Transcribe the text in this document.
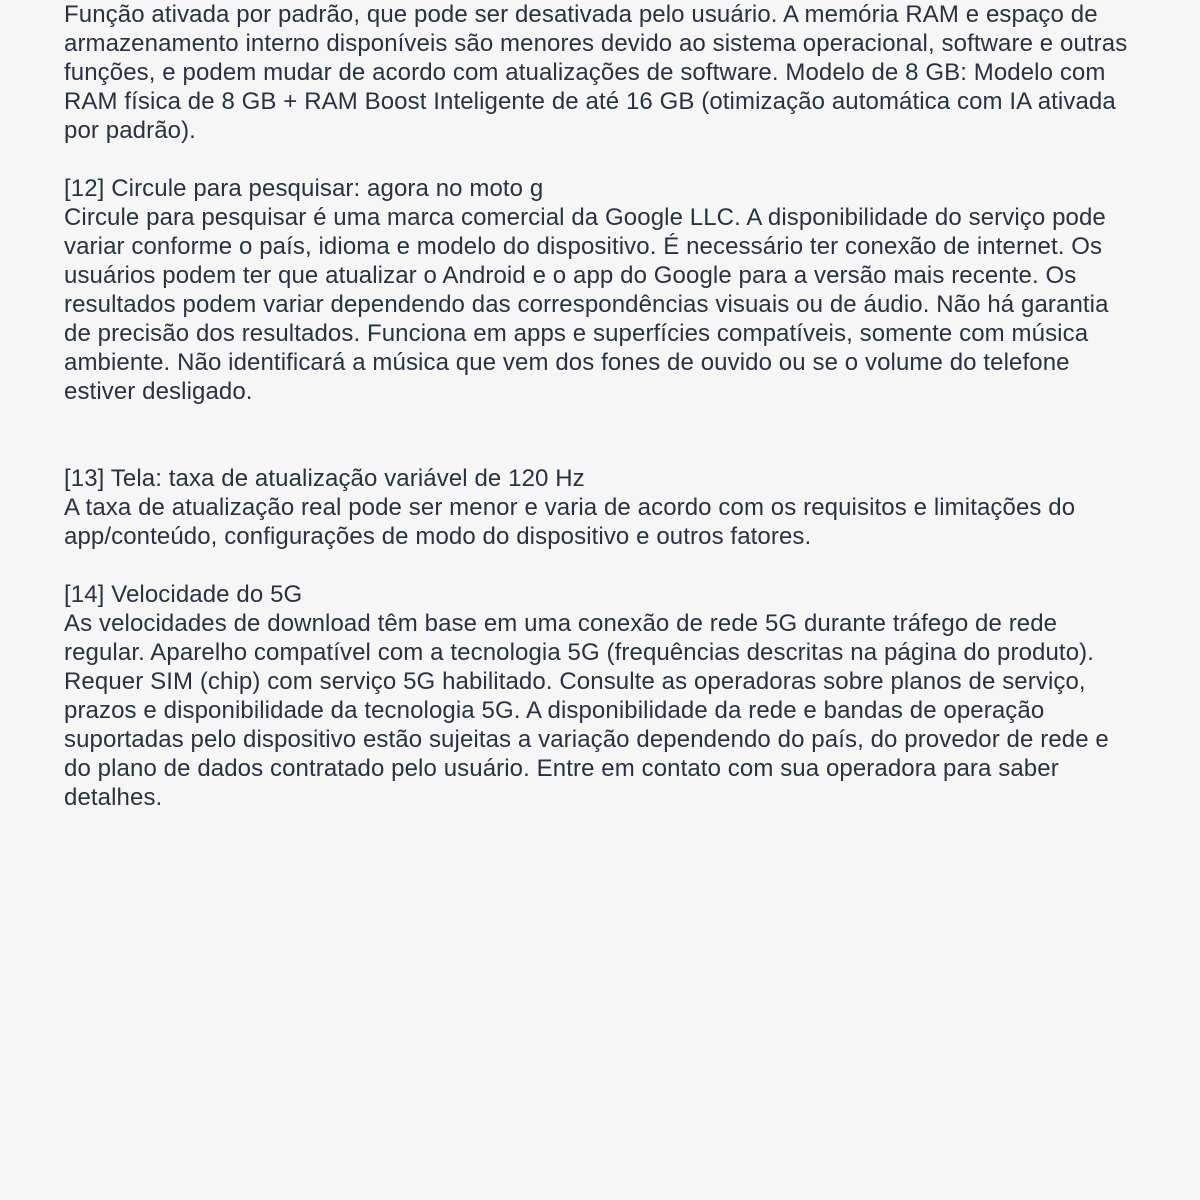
Função ativada por padrão, que pode ser desativada pelo usuário. A memória RAM e espaço de armazenamento interno disponíveis são menores devido ao sistema operacional, software e outras funções, e podem mudar de acordo com atualizações de software. Modelo de 8 GB: Modelo com RAM física de 8 GB + RAM Boost Inteligente de até 16 GB (otimização automática com IA ativada por padrão).

[12] Circule para pesquisar: agora no moto g

Circule para pesquisar é uma marca comercial da Google LLC. A disponibilidade do serviço pode variar conforme o país, idioma e modelo do dispositivo. É necessário ter conexão de internet. Os usuários podem ter que atualizar o Android e o app do Google para a versão mais recente. Os resultados podem variar dependendo das correspondências visuais ou de áudio. Não há garantia de precisão dos resultados. Funciona em apps e superfícies compatíveis, somente com música ambiente. Não identificará a música que vem dos fones de ouvido ou se o volume do telefone estiver desligado.

[13] Tela: taxa de atualização variável de 120 Hz

A taxa de atualização real pode ser menor e varia de acordo com os requisitos e limitações do app/conteúdo, configurações de modo do dispositivo e outros fatores.

[14] Velocidade do 5G

As velocidades de download têm base em uma conexão de rede 5G durante tráfego de rede regular. Aparelho compatível com a tecnologia 5G (frequências descritas na página do produto). Requer SIM (chip) com serviço 5G habilitado. Consulte as operadoras sobre planos de serviço, prazos e disponibilidade da tecnologia 5G. A disponibilidade da rede e bandas de operação suportadas pelo dispositivo estão sujeitas a variação dependendo do país, do provedor de rede e do plano de dados contratado pelo usuário. Entre em contato com sua operadora para saber detalhes.
